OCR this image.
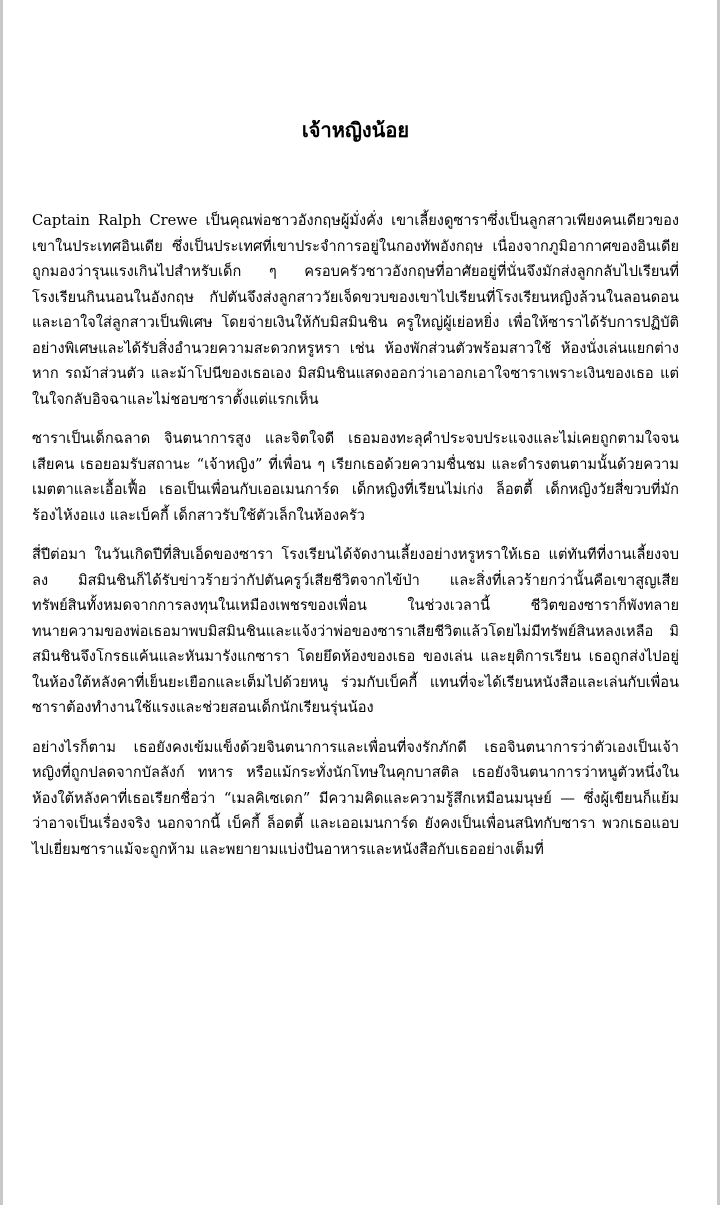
เจ้าหญิงน้อย

Captain Ralph Crewe เป็นคุณพ่อชาวอังกฤษผู้มั่งคั่ง เขาเลี้ยงดูซาราซึ่งเป็นลูกสาวเพียงคนเดียวของเขาในประเทศอินเดีย ซึ่งเป็นประเทศที่เขาประจำการอยู่ในกองทัพอังกฤษ เนื่องจากภูมิอากาศของอินเดียถูกมองว่ารุนแรงเกินไปสำหรับเด็ก ๆ ครอบครัวชาวอังกฤษที่อาศัยอยู่ที่นั่นจึงมักส่งลูกกลับไปเรียนที่โรงเรียนกินนอนในอังกฤษ กัปตันจึงส่งลูกสาววัยเจ็ดขวบของเขาไปเรียนที่โรงเรียนหญิงล้วนในลอนดอน และเอาใจใส่ลูกสาวเป็นพิเศษ โดยจ่ายเงินให้กับมิสมินชิน ครูใหญ่ผู้เย่อหยิ่ง เพื่อให้ซาราได้รับการปฏิบัติอย่างพิเศษและได้รับสิ่งอำนวยความสะดวกหรูหรา เช่น ห้องพักส่วนตัวพร้อมสาวใช้ ห้องนั่งเล่นแยกต่างหาก รถม้าส่วนตัว และม้าโปนีของเธอเอง มิสมินชินแสดงออกว่าเอาอกเอาใจซาราเพราะเงินของเธอ แต่ในใจกลับอิจฉาและไม่ชอบซาราตั้งแต่แรกเห็น

ซาราเป็นเด็กฉลาด จินตนาการสูง และจิตใจดี เธอมองทะลุคำประจบประแจงและไม่เคยถูกตามใจจนเสียคน เธอยอมรับสถานะ “เจ้าหญิง” ที่เพื่อน ๆ เรียกเธอด้วยความชื่นชม และดำรงตนตามนั้นด้วยความเมตตาและเอื้อเฟื้อ เธอเป็นเพื่อนกับเออเมนการ์ด เด็กหญิงที่เรียนไม่เก่ง ล็อตตี้ เด็กหญิงวัยสี่ขวบที่มักร้องไห้งอแง และเบ็คกี้ เด็กสาวรับใช้ตัวเล็กในห้องครัว

สี่ปีต่อมา ในวันเกิดปีที่สิบเอ็ดของซารา โรงเรียนได้จัดงานเลี้ยงอย่างหรูหราให้เธอ แต่ทันทีที่งานเลี้ยงจบลง มิสมินชินก็ได้รับข่าวร้ายว่ากัปตันครูว์เสียชีวิตจากไข้ป่า และสิ่งที่เลวร้ายกว่านั้นคือเขาสูญเสียทรัพย์สินทั้งหมดจากการลงทุนในเหมืองเพชรของเพื่อน ในช่วงเวลานี้ ชีวิตของซาราก็พังทลาย ทนายความของพ่อเธอมาพบมิสมินชินและแจ้งว่าพ่อของซาราเสียชีวิตแล้วโดยไม่มีทรัพย์สินหลงเหลือ มิสมินชินจึงโกรธแค้นและหันมารังแกซารา โดยยึดห้องของเธอ ของเล่น และยุติการเรียน เธอถูกส่งไปอยู่ในห้องใต้หลังคาที่เย็นยะเยือกและเต็มไปด้วยหนู ร่วมกับเบ็คกี้ แทนที่จะได้เรียนหนังสือและเล่นกับเพื่อน ซาราต้องทำงานใช้แรงและช่วยสอนเด็กนักเรียนรุ่นน้อง

อย่างไรก็ตาม เธอยังคงเข้มแข็งด้วยจินตนาการและเพื่อนที่จงรักภักดี เธอจินตนาการว่าตัวเองเป็นเจ้าหญิงที่ถูกปลดจากบัลลังก์ ทหาร หรือแม้กระทั่งนักโทษในคุกบาสติล เธอยังจินตนาการว่าหนูตัวหนึ่งในห้องใต้หลังคาที่เธอเรียกชื่อว่า “เมลคิเซเดก” มีความคิดและความรู้สึกเหมือนมนุษย์ — ซึ่งผู้เขียนก็แย้มว่าอาจเป็นเรื่องจริง นอกจากนี้ เบ็คกี้ ล็อตตี้ และเออเมนการ์ด ยังคงเป็นเพื่อนสนิทกับซารา พวกเธอแอบไปเยี่ยมซาราแม้จะถูกห้าม และพยายามแบ่งปันอาหารและหนังสือกับเธออย่างเต็มที่
